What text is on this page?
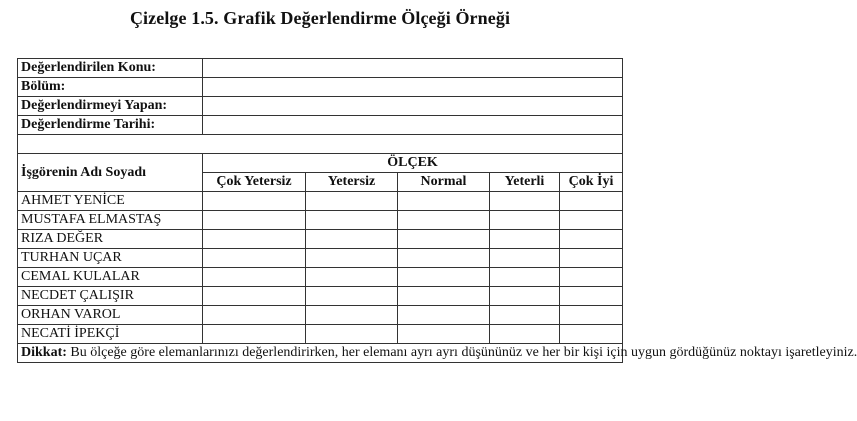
Çizelge 1.5. Grafik Değerlendirme Ölçeği Örneği
Değerlendirilen Konu:					
Bölüm:					
Değerlendirmeyi Yapan:					
Değerlendirme Tarihi:					

İşgörenin Adı Soyadı	ÖLÇEK				
	Çok Yetersiz	Yetersiz	Normal	Yeterli	Çok İyi
AHMET YENİCE					
MUSTAFA ELMASTAŞ					
RIZA DEĞER					
TURHAN UÇAR					
CEMAL KULALAR					
NECDET ÇALIŞIR					
ORHAN VAROL					
NECATİ İPEKÇİ					
Dikkat: Bu ölçeğe göre elemanlarınızı değerlendirirken, her elemanı ayrı ayrı düşününüz ve her bir kişi için uygun gördüğünüz noktayı işaretleyiniz.					
